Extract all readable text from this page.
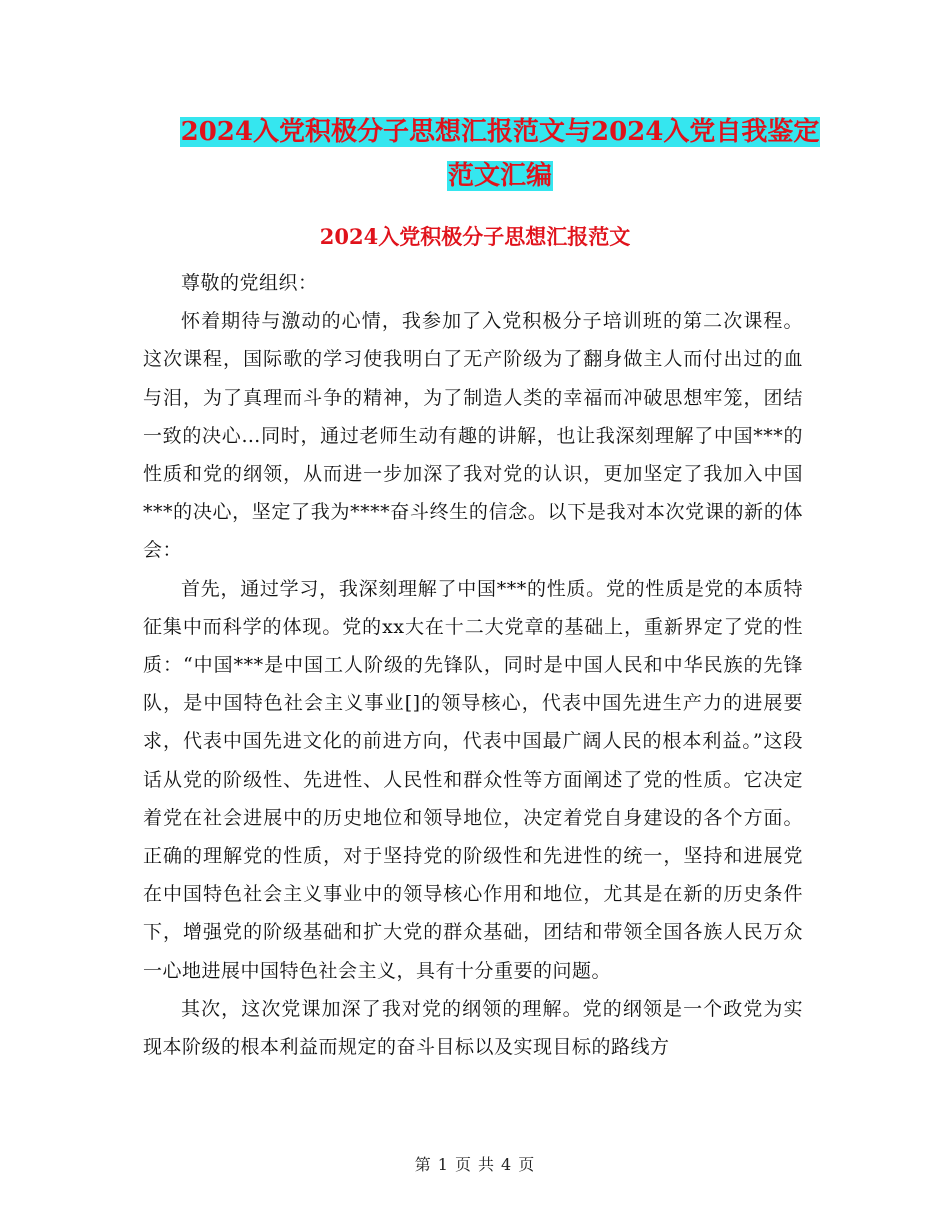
2024入党积极分子思想汇报范文与2024入党自我鉴定
范文汇编
2024入党积极分子思想汇报范文

尊敬的党组织：

怀着期待与激动的心情，我参加了入党积极分子培训班的第二次课程。这次课程，国际歌的学习使我明白了无产阶级为了翻身做主人而付出过的血与泪，为了真理而斗争的精神，为了制造人类的幸福而冲破思想牢笼，团结一致的决心…同时，通过老师生动有趣的讲解，也让我深刻理解了中国***的性质和党的纲领，从而进一步加深了我对党的认识，更加坚定了我加入中国***的决心，坚定了我为****奋斗终生的信念。以下是我对本次党课的新的体会：

首先，通过学习，我深刻理解了中国***的性质。党的性质是党的本质特征集中而科学的体现。党的xx大在十二大党章的基础上，重新界定了党的性质：“中国***是中国工人阶级的先锋队，同时是中国人民和中华民族的先锋队，是中国特色社会主义事业[]的领导核心，代表中国先进生产力的进展要求，代表中国先进文化的前进方向，代表中国最广阔人民的根本利益。”这段话从党的阶级性、先进性、人民性和群众性等方面阐述了党的性质。它决定着党在社会进展中的历史地位和领导地位，决定着党自身建设的各个方面。正确的理解党的性质，对于坚持党的阶级性和先进性的统一，坚持和进展党在中国特色社会主义事业中的领导核心作用和地位，尤其是在新的历史条件下，增强党的阶级基础和扩大党的群众基础，团结和带领全国各族人民万众一心地进展中国特色社会主义，具有十分重要的问题。

其次，这次党课加深了我对党的纲领的理解。党的纲领是一个政党为实现本阶级的根本利益而规定的奋斗目标以及实现目标的路线方

第 1 页 共 4 页
